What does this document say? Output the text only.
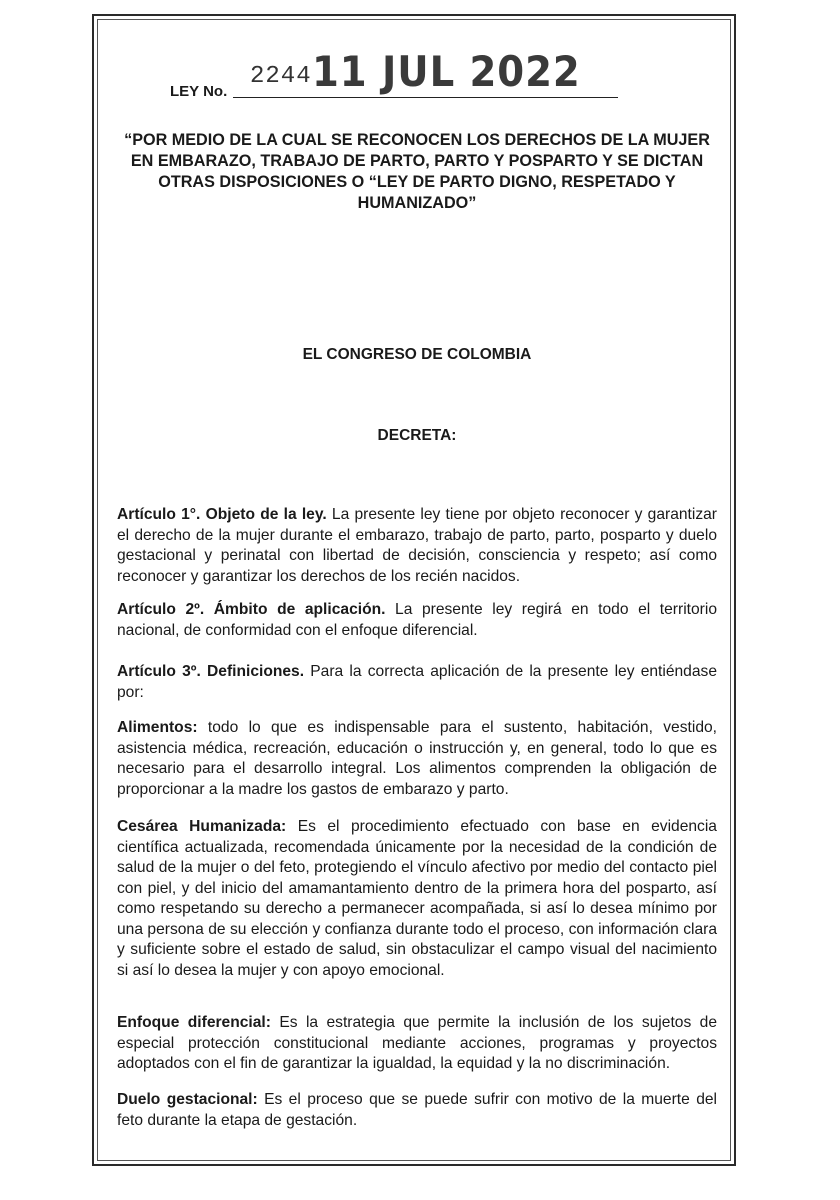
LEY No.
2244 11 JUL 2022
“POR MEDIO DE LA CUAL SE RECONOCEN LOS DERECHOS DE LA MUJER EN EMBARAZO, TRABAJO DE PARTO, PARTO Y POSPARTO Y SE DICTAN OTRAS DISPOSICIONES O “LEY DE PARTO DIGNO, RESPETADO Y HUMANIZADO”
EL CONGRESO DE COLOMBIA
DECRETA:

Artículo 1°. Objeto de la ley. La presente ley tiene por objeto reconocer y garantizar el derecho de la mujer durante el embarazo, trabajo de parto, parto, posparto y duelo gestacional y perinatal con libertad de decisión, consciencia y respeto; así como reconocer y garantizar los derechos de los recién nacidos.

Artículo 2º. Ámbito de aplicación. La presente ley regirá en todo el territorio nacional, de conformidad con el enfoque diferencial.

Artículo 3º. Definiciones. Para la correcta aplicación de la presente ley entiéndase por:

Alimentos: todo lo que es indispensable para el sustento, habitación, vestido, asistencia médica, recreación, educación o instrucción y, en general, todo lo que es necesario para el desarrollo integral. Los alimentos comprenden la obligación de proporcionar a la madre los gastos de embarazo y parto.

Cesárea Humanizada: Es el procedimiento efectuado con base en evidencia científica actualizada, recomendada únicamente por la necesidad de la condición de salud de la mujer o del feto, protegiendo el vínculo afectivo por medio del contacto piel con piel, y del inicio del amamantamiento dentro de la primera hora del posparto, así como respetando su derecho a permanecer acompañada, si así lo desea mínimo por una persona de su elección y confianza durante todo el proceso, con información clara y suficiente sobre el estado de salud, sin obstaculizar el campo visual del nacimiento si así lo desea la mujer y con apoyo emocional.

Enfoque diferencial: Es la estrategia que permite la inclusión de los sujetos de especial protección constitucional mediante acciones, programas y proyectos adoptados con el fin de garantizar la igualdad, la equidad y la no discriminación.

Duelo gestacional: Es el proceso que se puede sufrir con motivo de la muerte del feto durante la etapa de gestación.
